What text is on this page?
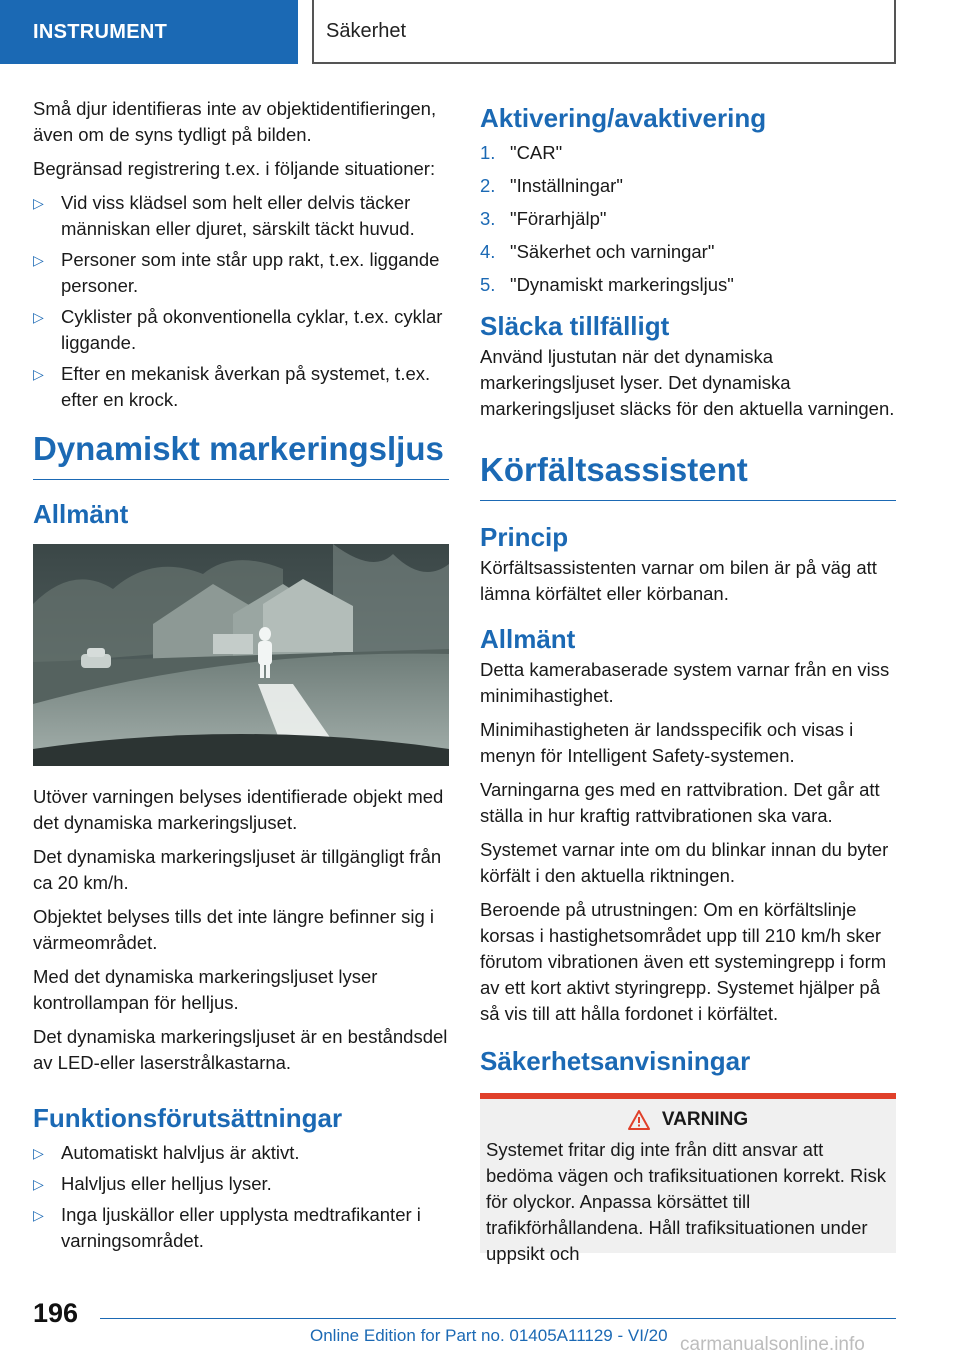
INSTRUMENT	Säkerhet

Små djur identifieras inte av objektidentifieringen, även om de syns tydligt på bilden.

Begränsad registrering t.ex. i följande situationer:

▷ Vid viss klädsel som helt eller delvis täcker människan eller djuret, särskilt täckt huvud.
▷ Personer som inte står upp rakt, t.ex. liggande personer.
▷ Cyklister på okonventionella cyklar, t.ex. cyklar liggande.
▷ Efter en mekanisk åverkan på systemet, t.ex. efter en krock.
Dynamiskt markeringsljus
Allmänt

Utöver varningen belyses identifierade objekt med det dynamiska markeringsljuset.

Det dynamiska markeringsljuset är tillgängligt från ca 20 km/h.

Objektet belyses tills det inte längre befinner sig i värmeområdet.

Med det dynamiska markeringsljuset lyser kontrollampan för helljus.

Det dynamiska markeringsljuset är en beståndsdel av LED-eller laserstrålkastarna.

Funktionsförutsättningar
▷ Automatiskt halvljus är aktivt.
▷ Halvljus eller helljus lyser.
▷ Inga ljuskällor eller upplysta medtrafikanter i varningsområdet.
Aktivering/avaktivering
1. "CAR"
2. "Inställningar"
3. "Förarhjälp"
4. "Säkerhet och varningar"
5. "Dynamiskt markeringsljus"
Släcka tillfälligt

Använd ljustutan när det dynamiska markeringsljuset lyser. Det dynamiska markeringsljuset släcks för den aktuella varningen.

Körfältsassistent
Princip

Körfältsassistenten varnar om bilen är på väg att lämna körfältet eller körbanan.

Allmänt

Detta kamerabaserade system varnar från en viss minimihastighet.

Minimihastigheten är landsspecifik och visas i menyn för Intelligent Safety-systemen.

Varningarna ges med en rattvibration. Det går att ställa in hur kraftig rattvibrationen ska vara.

Systemet varnar inte om du blinkar innan du byter körfält i den aktuella riktningen.

Beroende på utrustningen: Om en körfältslinje korsas i hastighetsområdet upp till 210 km/h sker förutom vibrationen även ett systemingrepp i form av ett kort aktivt styringrepp. Systemet hjälper på så vis till att hålla fordonet i körfältet.

Säkerhetsanvisningar
VARNING

Systemet fritar dig inte från ditt ansvar att bedöma vägen och trafiksituationen korrekt. Risk för olyckor. Anpassa körsättet till trafikförhållandena. Håll trafiksituationen under uppsikt och

196
Online Edition for Part no. 01405A11129 - VI/20 carmanualsonline.info
